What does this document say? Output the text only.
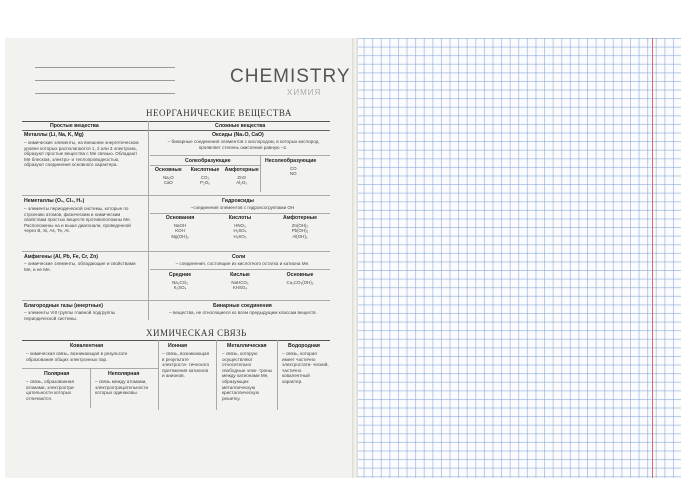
CHEMISTRY
ХИМИЯ
НЕОРГАНИЧЕСКИЕ ВЕЩЕСТВА
Простые вещества	Сложные вещества
Металлы (Li, Na, K, Mg)
– химические элементы, на внешнем энергетическом уровне которых располагаются 1, 2 или 3 электрона, образуют простые вещества с Ме связью. Обладают Ме блеском, электро- и теплопроводностью, образуют соединения основного характера.
Оксиды (Na₂O, CaO)
– бинарные соединения элементов с кислородом, в которых кислород проявляет степень окисления равную –2.
Солеобразующие	Несолеобразующие
CO
NO
Основные
Na₂O
CaO
Кислотные
CO₂
P₂O₅
Амфотерные
ZnO
Al₂O₃
Неметаллы (O₂, Cl₂, H₂)
– элементы периодической системы, которые по строению атомов, физическим и химическим свойствам простых веществ противоположны Ме. Расположены на и выше диагонали, проведенной через B, Si, As, Te, At.
Гидроксиды
–соединения элементов с гидроксогруппами OH
Основания
NaOH
KOH
Mg(OH)₂
Кислоты
HNO₃
H₂SO₄
H₃SO₃
Амфотерные
Zn(OH)₂
Pb(OH)₂
Al(OH)₃
Амфигены (Al, Pb, Fe, Cr, Zn)
– химические элементы, обладающие и свойствами Ме, и не Ме.
Соли
– соединения, состоящие из кислотного остатка и катиона Ме.
Средние
Na₂CO₃
K₂SO₄
Кислые
NaHCO₃
KHSO₄
Основные
Cu₂CO₃(OH)₂
Благородные газы (инертные)
– элементы VIII группы главной подгруппы периодической системы.
Бинарные соединения
– вещества, не относящиеся ко всем предыдущим классам веществ.
ХИМИЧЕСКАЯ СВЯЗЬ
Ковалентная
– химическая связь, возникающая в результате образования общих электронных пар.
Полярная
– связь, образованная атомами, электроотри- цательности которых отличаются.
Неполярная
– связь между атомами, электроотрицательности которых одинаковы.
Ионная
– связь, возникающая в результате электроста- тического притяжения катионов и анионов.
Металлическая
– связь, которую осуществляют относительно свободные элек- троны между катионами Ме, образующих металлическую кристаллическую решетку.
Водородная
– связь, которая имеет частично электростати- ческий, частично ковалентный характер.
